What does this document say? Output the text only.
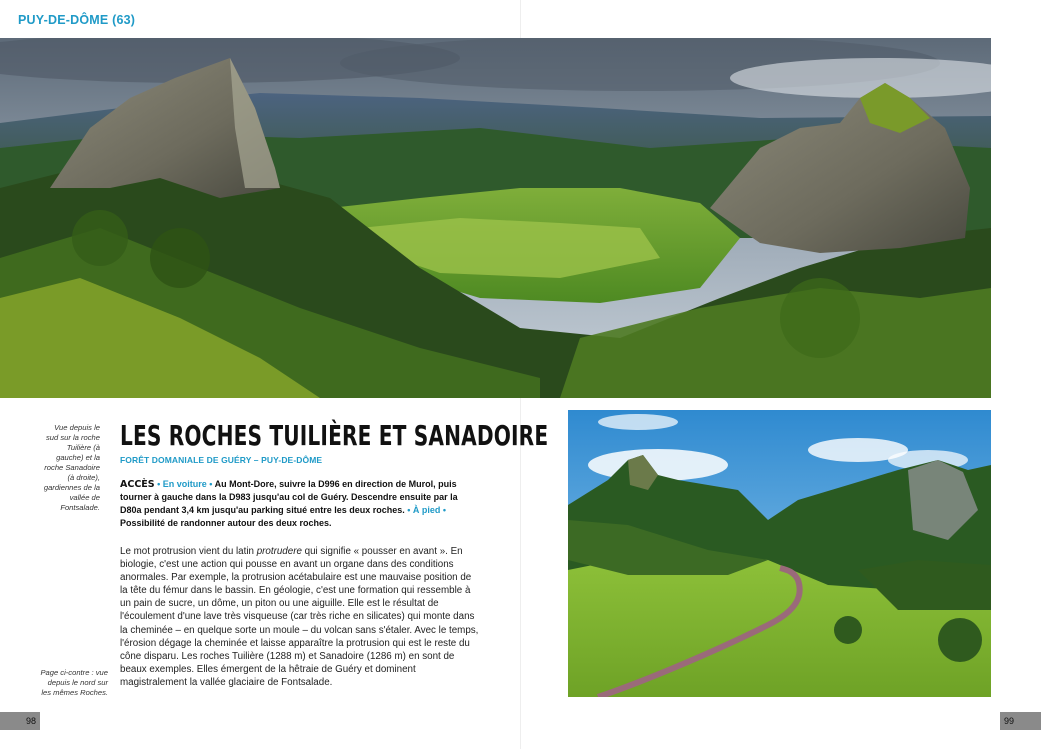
PUY-DE-DÔME (63)
Vue depuis le sud sur la roche Tuilière (à gauche) et la roche Sanadoire (à droite), gardiennes de la vallée de Fontsalade.
LES ROCHES TUILIÈRE ET SANADOIRE
FORÊT DOMANIALE DE GUÉRY – PUY-DE-DÔME
ACCÈS • En voiture • Au Mont-Dore, suivre la D996 en direction de Murol, puis tourner à gauche dans la D983 jusqu'au col de Guéry. Descendre ensuite par la D80a pendant 3,4 km jusqu'au parking situé entre les deux roches. • À pied • Possibilité de randonner autour des deux roches.
Le mot protrusion vient du latin protrudere qui signifie « pousser en avant ». En biologie, c'est une action qui pousse en avant un organe dans des conditions anormales. Par exemple, la protrusion acétabulaire est une mauvaise position de la tête du fémur dans le bassin. En géologie, c'est une formation qui ressemble à un pain de sucre, un dôme, un piton ou une aiguille. Elle est le résultat de l'écoulement d'une lave très visqueuse (car très riche en silicates) qui monte dans la cheminée – en quelque sorte un moule – du volcan sans s'étaler. Avec le temps, l'érosion dégage la cheminée et laisse apparaître la protrusion qui est le reste du cône disparu. Les roches Tuilière (1288 m) et Sanadoire (1286 m) en sont de beaux exemples. Elles émergent de la hêtraie de Guéry et dominent magistralement la vallée glaciaire de Fontsalade.
Page ci-contre : vue depuis le nord sur les mêmes Roches.
98	99
